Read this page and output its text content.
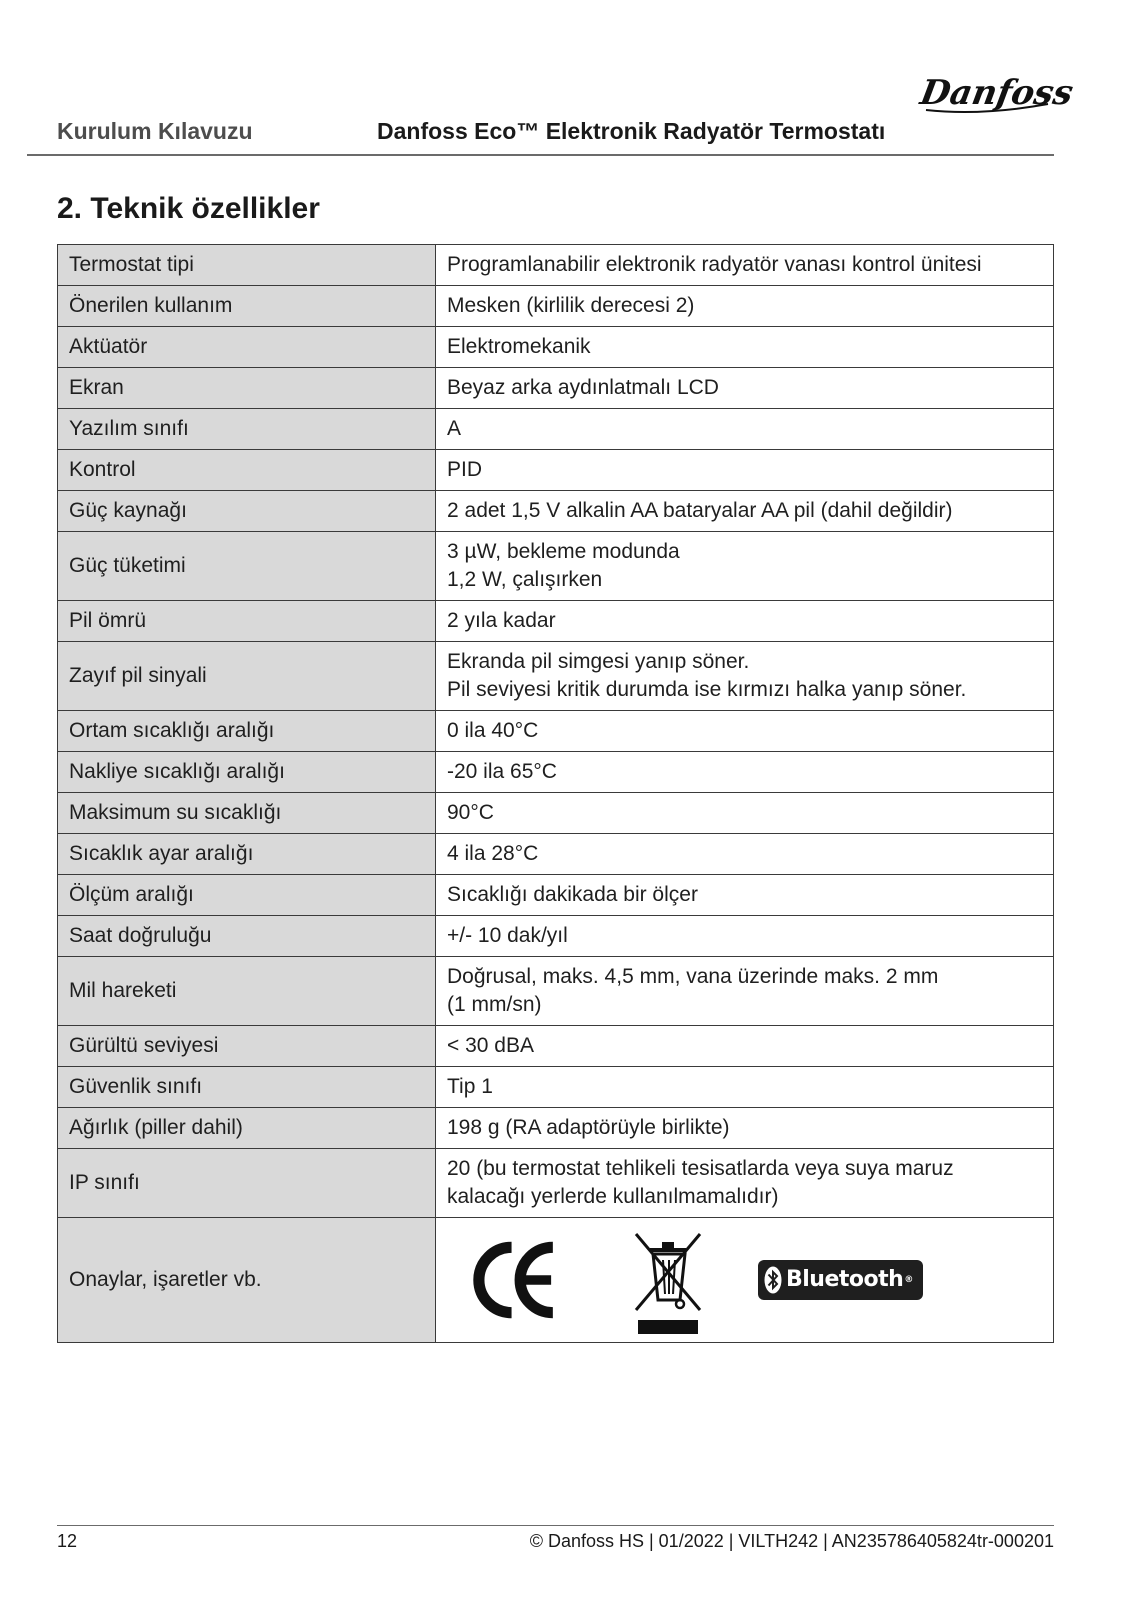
Danfoss
Kurulum Kılavuzu	Danfoss Eco™ Elektronik Radyatör Termostatı
2. Teknik özellikler
Termostat tipi	Programlanabilir elektronik radyatör vanası kontrol ünitesi

Önerilen kullanım	Mesken (kirlilik derecesi 2)

Aktüatör	Elektromekanik

Ekran	Beyaz arka aydınlatmalı LCD

Yazılım sınıfı	A

Kontrol	PID

Güç kaynağı	2 adet 1,5 V alkalin AA bataryalar AA pil (dahil değildir)

Güç tüketimi	3 µW, bekleme modunda
1,2 W, çalışırken

Pil ömrü	2 yıla kadar

Zayıf pil sinyali	Ekranda pil simgesi yanıp söner.
Pil seviyesi kritik durumda ise kırmızı halka yanıp söner.

Ortam sıcaklığı aralığı	0 ila 40°C

Nakliye sıcaklığı aralığı	-20 ila 65°C

Maksimum su sıcaklığı	90°C

Sıcaklık ayar aralığı	4 ila 28°C

Ölçüm aralığı	Sıcaklığı dakikada bir ölçer

Saat doğruluğu	+/- 10 dak/yıl

Mil hareketi	Doğrusal, maks. 4,5 mm, vana üzerinde maks. 2 mm
(1 mm/sn)

Gürültü seviyesi	< 30 dBA

Güvenlik sınıfı	Tip 1

Ağırlık (piller dahil)	198 g (RA adaptörüyle birlikte)

IP sınıfı	20 (bu termostat tehlikeli tesisatlarda veya suya maruz
kalacağı yerlerde kullanılmamalıdır)

Onaylar, işaretler vb.	Bluetooth ®
12	© Danfoss HS | 01/2022 | VILTH242 | AN235786405824tr-000201
